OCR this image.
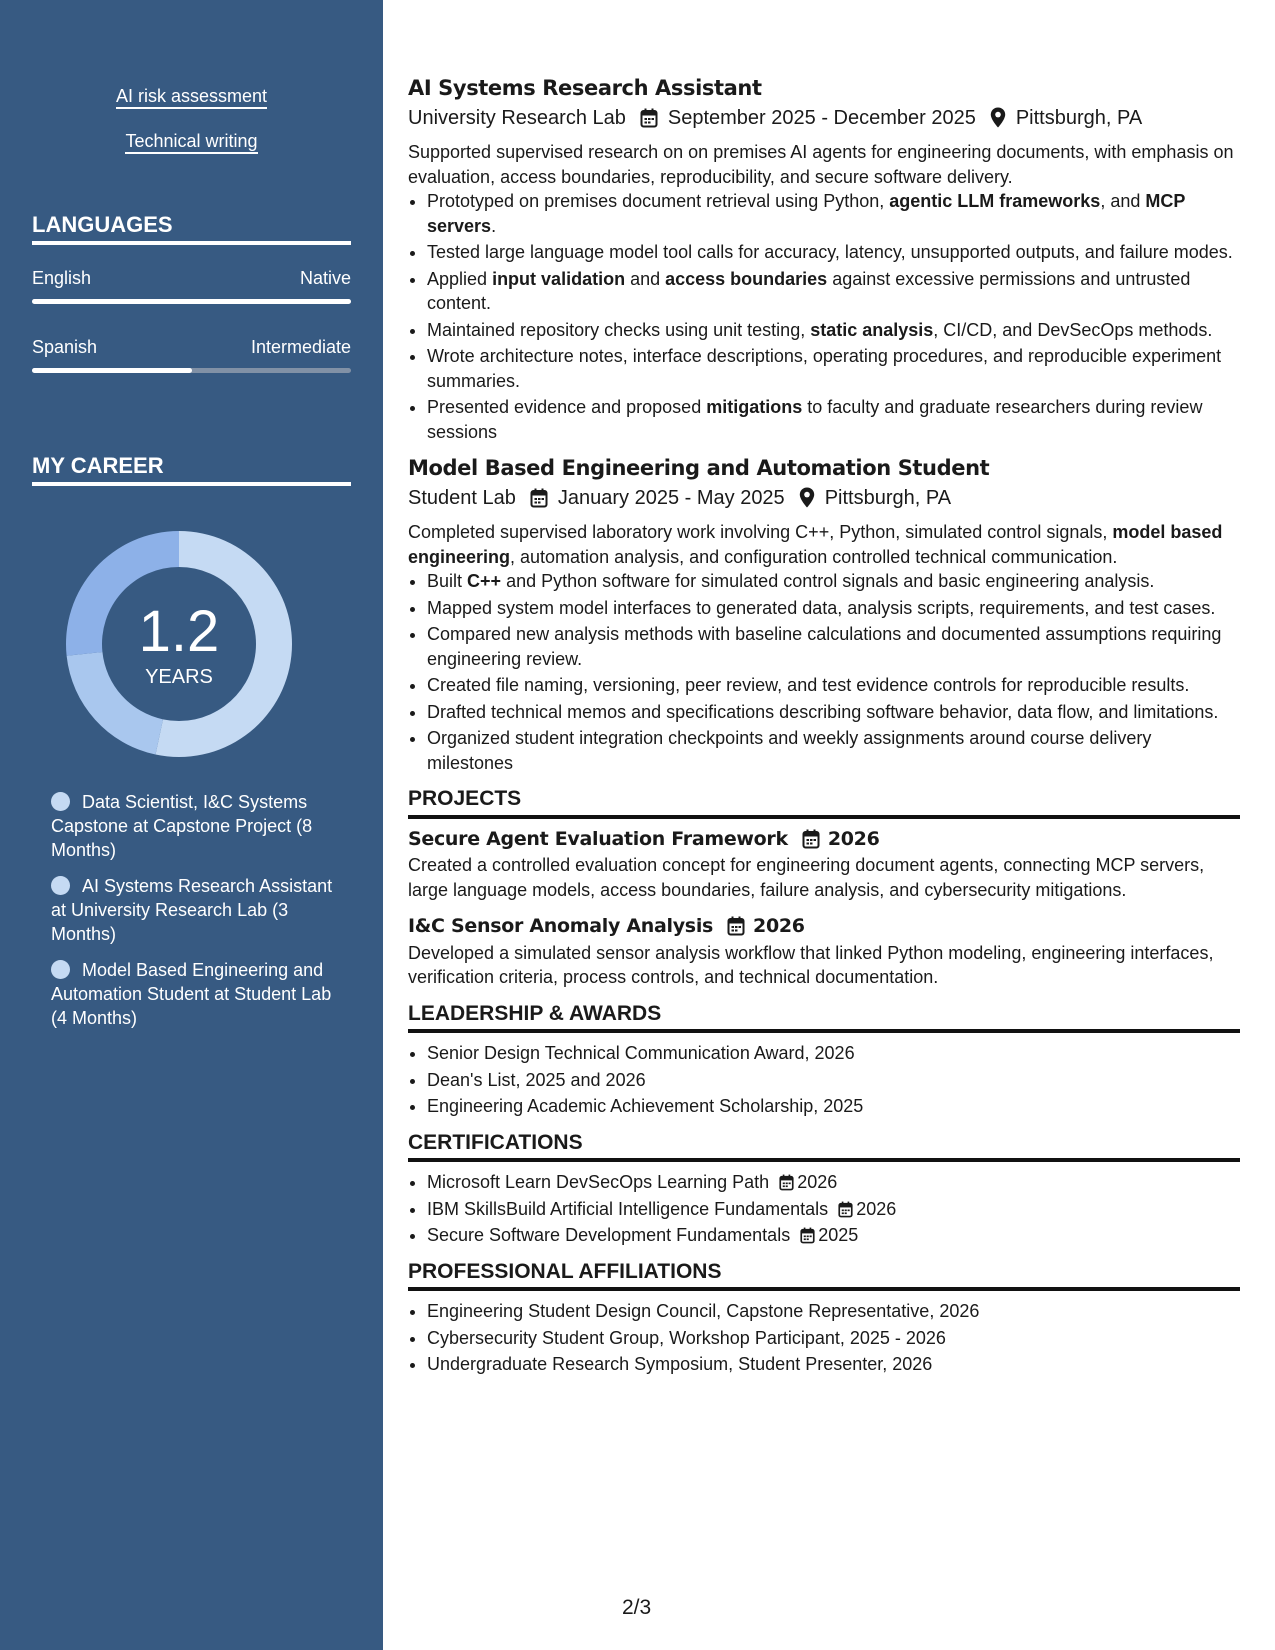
AI risk assessment
Technical writing
LANGUAGES
English	Native
Spanish	Intermediate
MY CAREER
1.2
YEARS
Data Scientist, I&C Systems Capstone at Capstone Project (8 Months)
AI Systems Research Assistant at University Research Lab (3 Months)
Model Based Engineering and Automation Student at Student Lab (4 Months)
AI Systems Research Assistant
University Research Lab September 2025 - December 2025 Pittsburgh, PA

Supported supervised research on on premises AI agents for engineering documents, with emphasis on evaluation, access boundaries, reproducibility, and secure software delivery.

• Prototyped on premises document retrieval using Python, agentic LLM frameworks, and MCP servers.
• Tested large language model tool calls for accuracy, latency, unsupported outputs, and failure modes.
• Applied input validation and access boundaries against excessive permissions and untrusted content.
• Maintained repository checks using unit testing, static analysis, CI/CD, and DevSecOps methods.
• Wrote architecture notes, interface descriptions, operating procedures, and reproducible experiment summaries.
• Presented evidence and proposed mitigations to faculty and graduate researchers during review sessions
Model Based Engineering and Automation Student
Student Lab January 2025 - May 2025 Pittsburgh, PA

Completed supervised laboratory work involving C++, Python, simulated control signals, model based engineering, automation analysis, and configuration controlled technical communication.

• Built C++ and Python software for simulated control signals and basic engineering analysis.
• Mapped system model interfaces to generated data, analysis scripts, requirements, and test cases.
• Compared new analysis methods with baseline calculations and documented assumptions requiring engineering review.
• Created file naming, versioning, peer review, and test evidence controls for reproducible results.
• Drafted technical memos and specifications describing software behavior, data flow, and limitations.
• Organized student integration checkpoints and weekly assignments around course delivery milestones
PROJECTS
Secure Agent Evaluation Framework 2026

Created a controlled evaluation concept for engineering document agents, connecting MCP servers, large language models, access boundaries, failure analysis, and cybersecurity mitigations.

I&C Sensor Anomaly Analysis 2026

Developed a simulated sensor analysis workflow that linked Python modeling, engineering interfaces, verification criteria, process controls, and technical documentation.

LEADERSHIP & AWARDS
• Senior Design Technical Communication Award, 2026
• Dean's List, 2025 and 2026
• Engineering Academic Achievement Scholarship, 2025
CERTIFICATIONS
• Microsoft Learn DevSecOps Learning Path 2026
• IBM SkillsBuild Artificial Intelligence Fundamentals 2026
• Secure Software Development Fundamentals 2025
PROFESSIONAL AFFILIATIONS
• Engineering Student Design Council, Capstone Representative, 2026
• Cybersecurity Student Group, Workshop Participant, 2025 - 2026
• Undergraduate Research Symposium, Student Presenter, 2026
2/3
